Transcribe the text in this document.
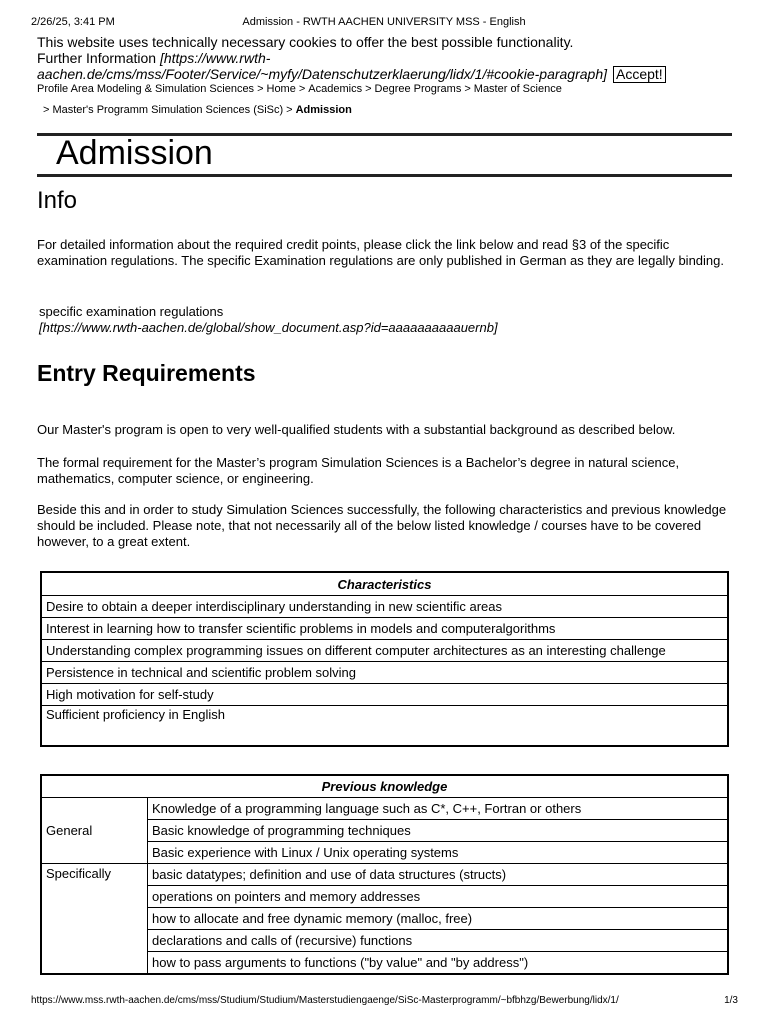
2/26/25, 3:41 PM	Admission - RWTH AACHEN UNIVERSITY MSS - English
This website uses technically necessary cookies to offer the best possible functionality.
Further Information [https://www.rwth-
aachen.de/cms/mss/Footer/Service/~myfy/Datenschutzerklaerung/lidx/1/#cookie-paragraph] Accept!
Profile Area Modeling & Simulation Sciences > Home > Academics > Degree Programs > Master of Science
> Master's Programm Simulation Sciences (SiSc) > Admission
Admission
Info

For detailed information about the required credit points, please click the link below and read §3 of the specific examination regulations. The specific Examination regulations are only published in German as they are legally binding.

specific examination regulations
[https://www.rwth-aachen.de/global/show_document.asp?id=aaaaaaaaaauernb]
Entry Requirements

Our Master's program is open to very well-qualified students with a substantial background as described below.

The formal requirement for the Master’s program Simulation Sciences is a Bachelor’s degree in natural science, mathematics, computer science, or engineering.

Beside this and in order to study Simulation Sciences successfully, the following characteristics and previous knowledge should be included. Please note, that not necessarily all of the below listed knowledge / courses have to be covered however, to a great extent.

Characteristics
Desire to obtain a deeper interdisciplinary understanding in new scientific areas
Interest in learning how to transfer scientific problems in models and computeralgorithms
Understanding complex programming issues on different computer architectures as an interesting challenge
Persistence in technical and scientific problem solving
High motivation for self-study
Sufficient proficiency in English
Previous knowledge	
General	Knowledge of a programming language such as C*, C++, Fortran or others
	Basic knowledge of programming techniques
	Basic experience with Linux / Unix operating systems
Specifically	basic datatypes; definition and use of data structures (structs)
	operations on pointers and memory addresses
	how to allocate and free dynamic memory (malloc, free)
	declarations and calls of (recursive) functions
	how to pass arguments to functions ("by value" and "by address")
https://www.mss.rwth-aachen.de/cms/mss/Studium/Studium/Masterstudiengaenge/SiSc-Masterprogramm/~bfbhzg/Bewerbung/lidx/1/	1/3
